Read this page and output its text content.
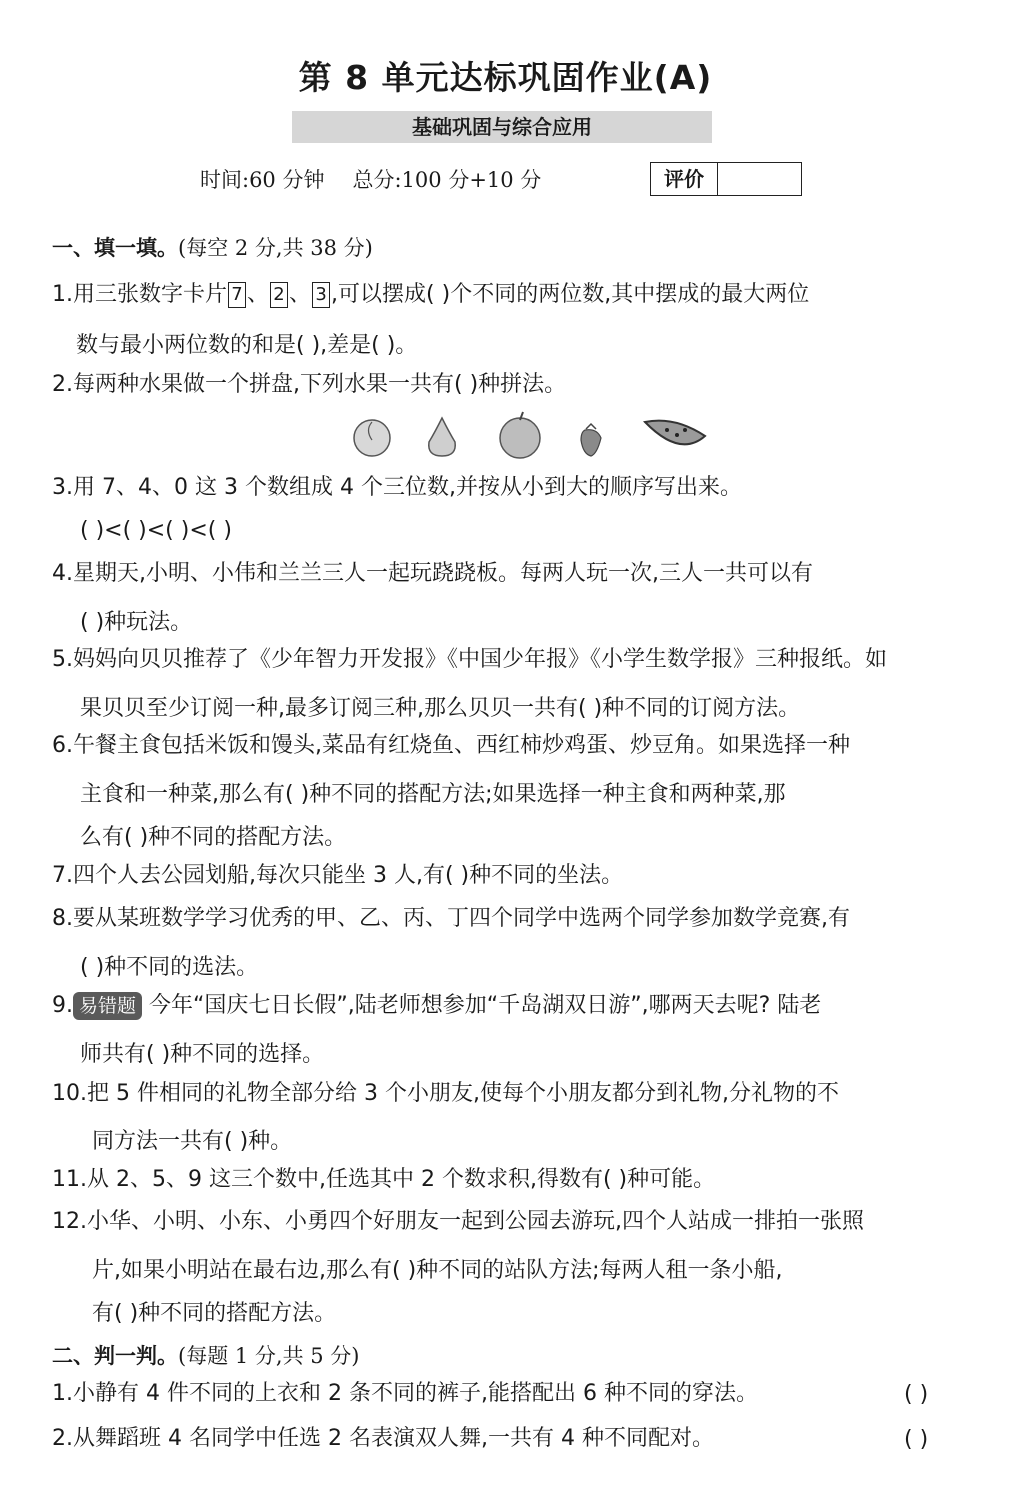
第 8 单元达标巩固作业(A)
基础巩固与综合应用
时间:60 分钟 总分:100 分+10 分	评价
一、填一填。(每空 2 分,共 38 分)
1.用三张数字卡片 7 、 2 、 3 ,可以摆成( )个不同的两位数,其中摆成的最大两位
数与最小两位数的和是( ),差是( )。
2.每两种水果做一个拼盘,下列水果一共有( )种拼法。
3.用 7、4、0 这 3 个数组成 4 个三位数,并按从小到大的顺序写出来。
( )<( )<( )<( )
4.星期天,小明、小伟和兰兰三人一起玩跷跷板。每两人玩一次,三人一共可以有
( )种玩法。
5.妈妈向贝贝推荐了《少年智力开发报》《中国少年报》《小学生数学报》三种报纸。如
果贝贝至少订阅一种,最多订阅三种,那么贝贝一共有( )种不同的订阅方法。
6.午餐主食包括米饭和馒头,菜品有红烧鱼、西红柿炒鸡蛋、炒豆角。如果选择一种
主食和一种菜,那么有( )种不同的搭配方法;如果选择一种主食和两种菜,那
么有( )种不同的搭配方法。
7.四个人去公园划船,每次只能坐 3 人,有( )种不同的坐法。
8.要从某班数学学习优秀的甲、乙、丙、丁四个同学中选两个同学参加数学竞赛,有
( )种不同的选法。
9. 易错题 今年“国庆七日长假”,陆老师想参加“千岛湖双日游”,哪两天去呢? 陆老
师共有( )种不同的选择。
10.把 5 件相同的礼物全部分给 3 个小朋友,使每个小朋友都分到礼物,分礼物的不
同方法一共有( )种。
11.从 2、5、9 这三个数中,任选其中 2 个数求积,得数有( )种可能。
12.小华、小明、小东、小勇四个好朋友一起到公园去游玩,四个人站成一排拍一张照
片,如果小明站在最右边,那么有( )种不同的站队方法;每两人租一条小船,
有( )种不同的搭配方法。
二、判一判。(每题 1 分,共 5 分)
1.小静有 4 件不同的上衣和 2 条不同的裤子,能搭配出 6 种不同的穿法。	( )
2.从舞蹈班 4 名同学中任选 2 名表演双人舞,一共有 4 种不同配对。	( )
